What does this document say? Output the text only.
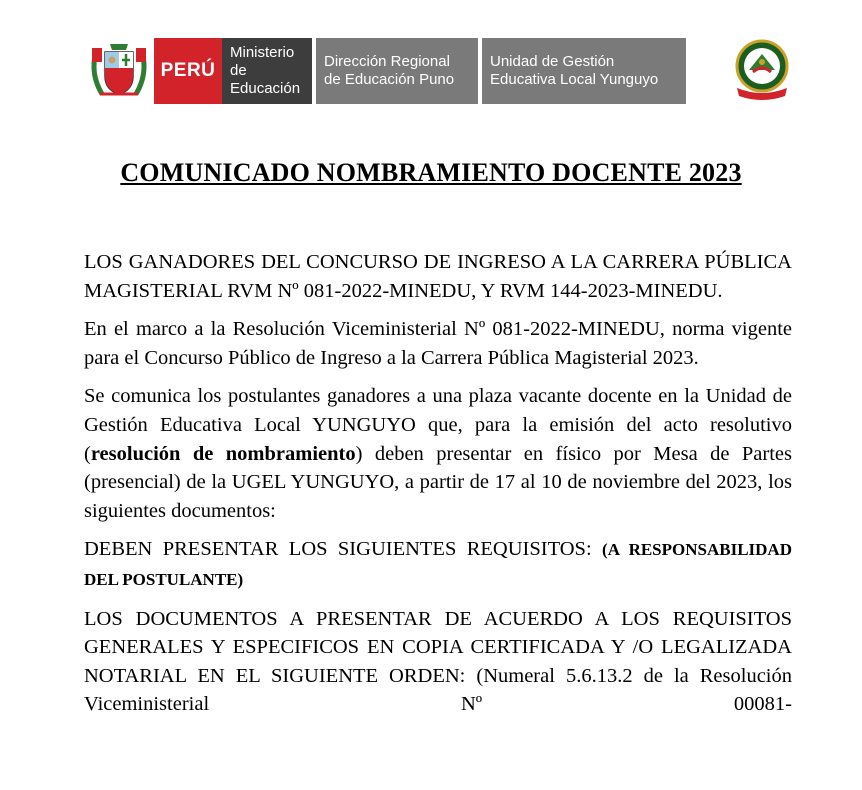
PERÚ
Ministerio
de Educación
Dirección Regional
de Educación Puno
Unidad de Gestión
Educativa Local Yunguyo
COMUNICADO NOMBRAMIENTO DOCENTE 2023

LOS GANADORES DEL CONCURSO DE INGRESO A LA CARRERA PÚBLICA MAGISTERIAL RVM Nº 081-2022-MINEDU, Y RVM 144-2023-MINEDU.

En el marco a la Resolución Viceministerial Nº 081-2022-MINEDU, norma vigente para el Concurso Público de Ingreso a la Carrera Pública Magisterial 2023.

Se comunica los postulantes ganadores a una plaza vacante docente en la Unidad de Gestión Educativa Local YUNGUYO que, para la emisión del acto resolutivo (resolución de nombramiento) deben presentar en físico por Mesa de Partes (presencial) de la UGEL YUNGUYO, a partir de 17 al 10 de noviembre del 2023, los siguientes documentos:

DEBEN PRESENTAR LOS SIGUIENTES REQUISITOS: (A RESPONSABILIDAD DEL POSTULANTE)

LOS DOCUMENTOS A PRESENTAR DE ACUERDO A LOS REQUISITOS GENERALES Y ESPECIFICOS EN COPIA CERTIFICADA Y /O LEGALIZADA NOTARIAL EN EL SIGUIENTE ORDEN: (Numeral 5.6.13.2 de la Resolución Viceministerial Nº 00081-
